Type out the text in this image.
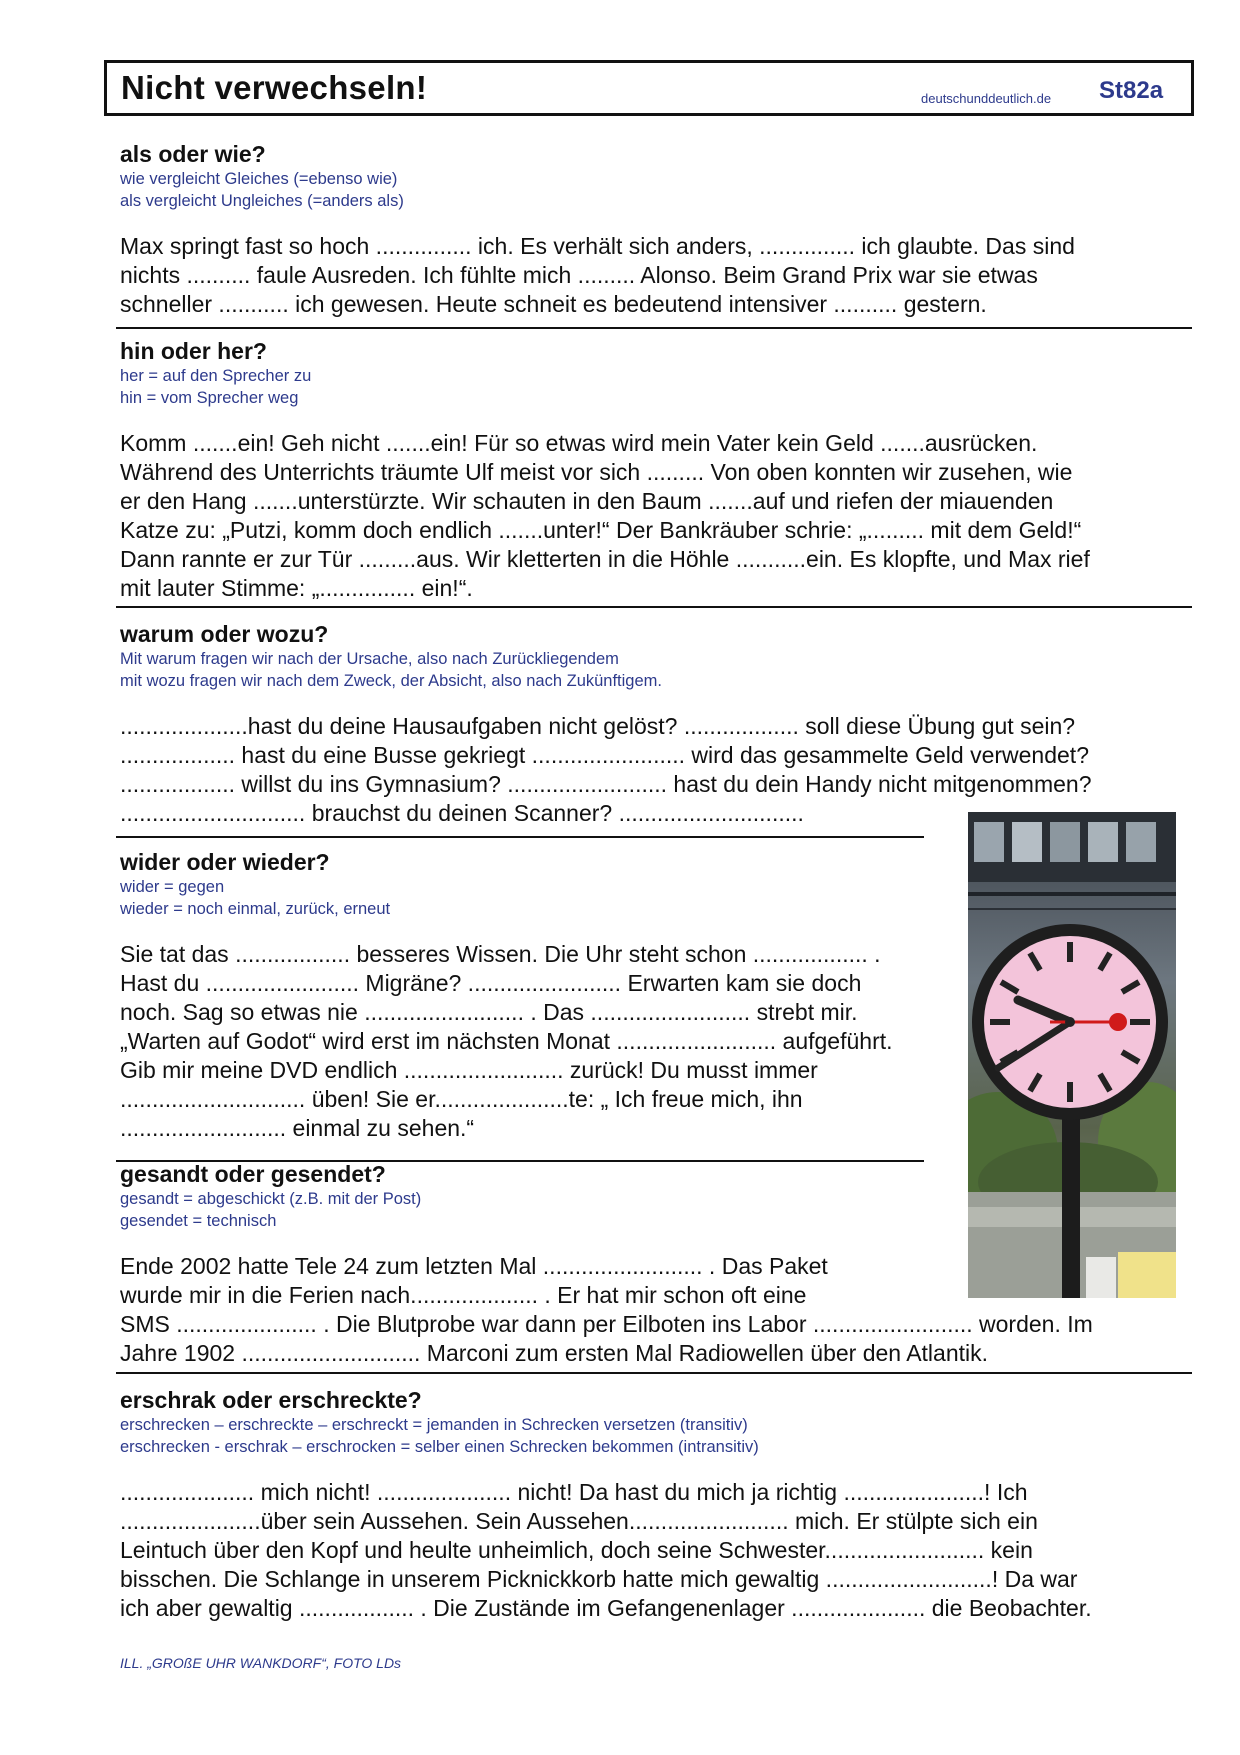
Nicht verwechseln!	deutschunddeutlich.de St82a
als oder wie?
wie vergleicht Gleiches (=ebenso wie)
als vergleicht Ungleiches (=anders als)
Max springt fast so hoch ............... ich. Es verhält sich anders, ............... ich glaubte. Das sind
nichts .......... faule Ausreden. Ich fühlte mich ......... Alonso. Beim Grand Prix war sie etwas
schneller ........... ich gewesen. Heute schneit es bedeutend intensiver .......... gestern.
hin oder her?
her = auf den Sprecher zu
hin = vom Sprecher weg
Komm .......ein! Geh nicht .......ein! Für so etwas wird mein Vater kein Geld .......ausrücken.
Während des Unterrichts träumte Ulf meist vor sich ......... Von oben konnten wir zusehen, wie
er den Hang .......unterstürzte. Wir schauten in den Baum .......auf und riefen der miauenden
Katze zu: „Putzi, komm doch endlich .......unter!“ Der Bankräuber schrie: „......... mit dem Geld!“
Dann rannte er zur Tür .........aus. Wir kletterten in die Höhle ...........ein. Es klopfte, und Max rief
mit lauter Stimme: „............... ein!“.
warum oder wozu?
Mit warum fragen wir nach der Ursache, also nach Zurückliegendem
mit wozu fragen wir nach dem Zweck, der Absicht, also nach Zukünftigem.
....................hast du deine Hausaufgaben nicht gelöst? .................. soll diese Übung gut sein?
.................. hast du eine Busse gekriegt ........................ wird das gesammelte Geld verwendet?
.................. willst du ins Gymnasium? ......................... hast du dein Handy nicht mitgenommen?
............................. brauchst du deinen Scanner? .............................
wider oder wieder?
wider = gegen
wieder = noch einmal, zurück, erneut
Sie tat das .................. besseres Wissen. Die Uhr steht schon .................. .
Hast du ........................ Migräne? ........................ Erwarten kam sie doch
noch. Sag so etwas nie ......................... . Das ......................... strebt mir.
„Warten auf Godot“ wird erst im nächsten Monat ......................... aufgeführt.
Gib mir meine DVD endlich ......................... zurück! Du musst immer
............................. üben! Sie er.....................te: „ Ich freue mich, ihn
.......................... einmal zu sehen.“
gesandt oder gesendet?
gesandt = abgeschickt (z.B. mit der Post)
gesendet = technisch
Ende 2002 hatte Tele 24 zum letzten Mal ......................... . Das Paket
wurde mir in die Ferien nach.................... . Er hat mir schon oft eine
SMS ...................... . Die Blutprobe war dann per Eilboten ins Labor ......................... worden. Im
Jahre 1902 ............................ Marconi zum ersten Mal Radiowellen über den Atlantik.
erschrak oder erschreckte?
erschrecken – erschreckte – erschreckt = jemanden in Schrecken versetzen (transitiv)
erschrecken - erschrak – erschrocken = selber einen Schrecken bekommen (intransitiv)
..................... mich nicht! ..................... nicht! Da hast du mich ja richtig ......................! Ich
......................über sein Aussehen. Sein Aussehen......................... mich. Er stülpte sich ein
Leintuch über den Kopf und heulte unheimlich, doch seine Schwester......................... kein
bisschen. Die Schlange in unserem Picknickkorb hatte mich gewaltig ..........................! Da war
ich aber gewaltig .................. . Die Zustände im Gefangenenlager ..................... die Beobachter.
ILL. „GROßE UHR WANKDORF“, FOTO LDs
